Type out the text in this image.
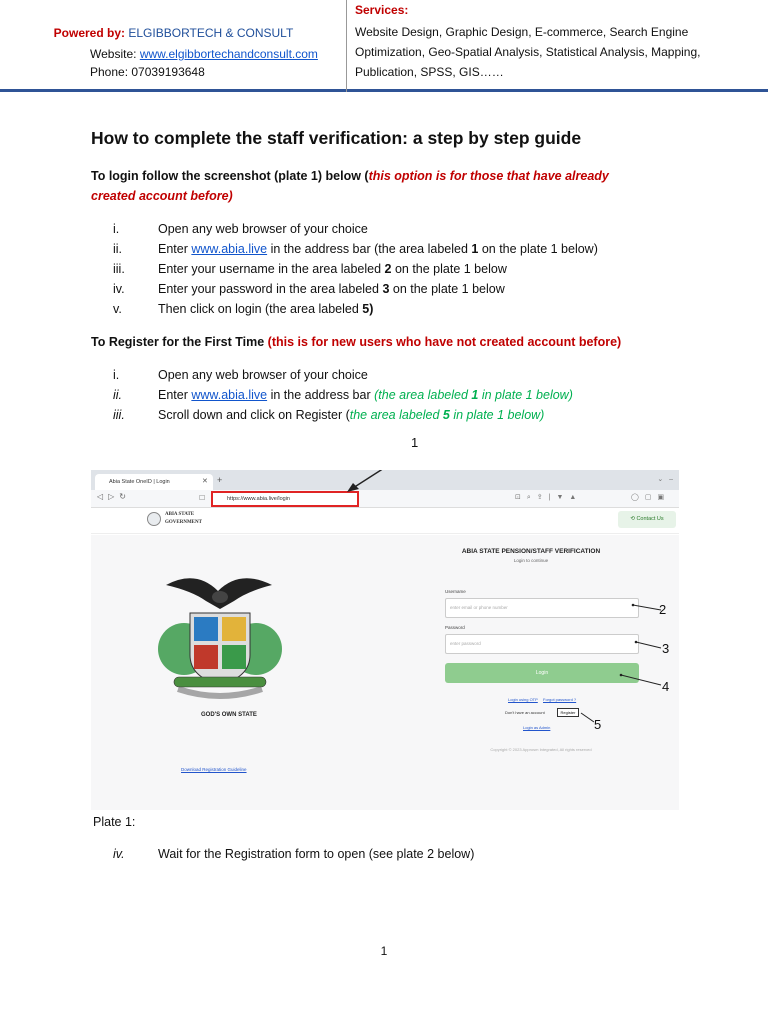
Powered by: ELGIBBORTECH & CONSULT
Website: www.elgibbortechandconsult.com
Phone: 07039193648
Services:
Website Design, Graphic Design, E-commerce, Search Engine Optimization, Geo-Spatial Analysis, Statistical Analysis, Mapping, Publication, SPSS, GIS……
How to complete the staff verification: a step by step guide
To login follow the screenshot (plate 1) below (this option is for those that have already created account before)
i.	Open any web browser of your choice
ii.	Enter www.abia.live in the address bar (the area labeled 1 on the plate 1 below)
iii.	Enter your username in the area labeled 2 on the plate 1 below
iv.	Enter your password in the area labeled 3 on the plate 1 below
v.	Then click on login (the area labeled 5)
To Register for the First Time (this is for new users who have not created account before)
i.	Open any web browser of your choice
ii.	Enter www.abia.live in the address bar (the area labeled 1 in plate 1 below)
iii.	Scroll down and click on Register (the area labeled 5 in plate 1 below)
Abia State OneID | Login	✕ +	⌄   –
◁▷↻	☐	https://www.abia.live/login	⊡⌕⇪|▼▲	◯▢▣
ABIA STATE
GOVERNMENT
⟲ Contact Us
GOD'S OWN STATE
ABIA STATE PENSION/STAFF VERIFICATION
Login to continue
Username
enter email or phone number
Password
enter password
Login
Login using OTP Forgot password ?
Don't have an account	Register
Login as Admin
Copyright © 2023 Approsm Integrated, All rights reserved
Download Registration Guideline
1
2
3
4
5
Plate 1:
iv.	Wait for the Registration form to open (see plate 2 below)
1
